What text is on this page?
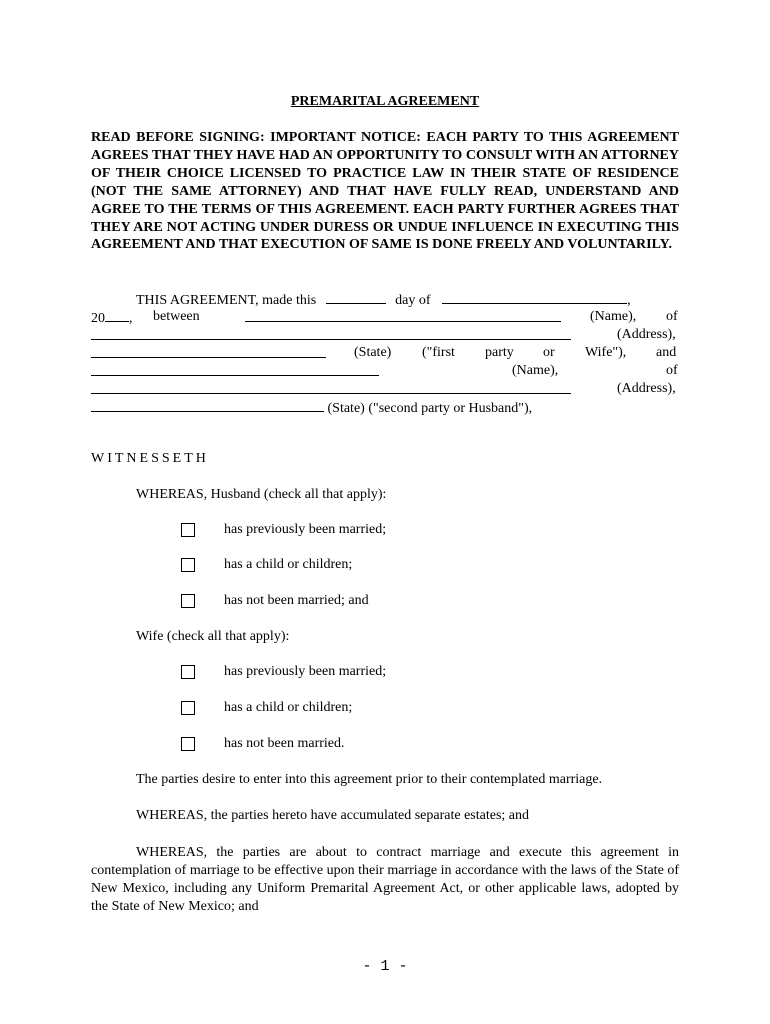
PREMARITAL AGREEMENT

READ BEFORE SIGNING: IMPORTANT NOTICE: EACH PARTY TO THIS AGREEMENT AGREES THAT THEY HAVE HAD AN OPPORTUNITY TO CONSULT WITH AN ATTORNEY OF THEIR CHOICE LICENSED TO PRACTICE LAW IN THEIR STATE OF RESIDENCE (NOT THE SAME ATTORNEY) AND THAT HAVE FULLY READ, UNDERSTAND AND AGREE TO THE TERMS OF THIS AGREEMENT. EACH PARTY FURTHER AGREES THAT THEY ARE NOT ACTING UNDER DURESS OR UNDUE INFLUENCE IN EXECUTING THIS AGREEMENT AND THAT EXECUTION OF SAME IS DONE FREELY AND VOLUNTARILY.

THIS AGREEMENT, made this	day of	,
20 , between	(Name), of
(Address),
(State) ("first party or Wife"), and
(Name),	of
(Address),
(State) ("second party or Husband"),
WITNESSETH
WHEREAS, Husband (check all that apply):
has previously been married;
has a child or children;
has not been married; and
Wife (check all that apply):
has previously been married;
has a child or children;
has not been married.
The parties desire to enter into this agreement prior to their contemplated marriage.
WHEREAS, the parties hereto have accumulated separate estates; and
WHEREAS, the parties are about to contract marriage and execute this agreement in contemplation of marriage to be effective upon their marriage in accordance with the laws of the State of New Mexico, including any Uniform Premarital Agreement Act, or other applicable laws, adopted by the State of New Mexico; and
- 1 -
